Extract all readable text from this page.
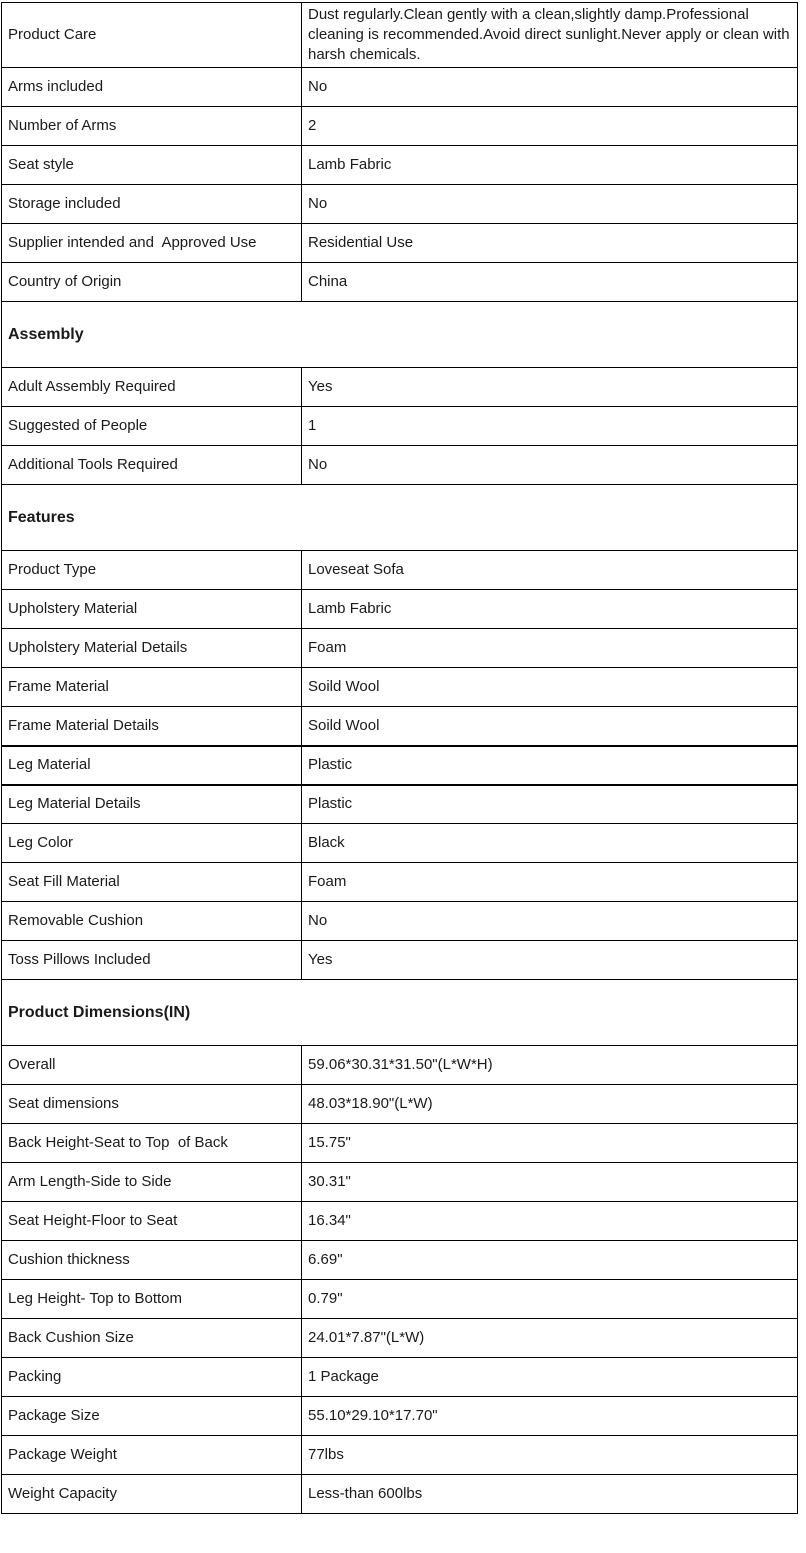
Product Care	Dust regularly.Clean gently with a clean,slightly damp.Professional cleaning is recommended.Avoid direct sunlight.Never apply or clean with harsh chemicals.
Arms included	No
Number of Arms	2
Seat style	Lamb Fabric
Storage included	No
Supplier intended and  Approved Use	Residential Use
Country of Origin	China
Assembly	
Adult Assembly Required	Yes
Suggested of People	1
Additional Tools Required	No
Features	
Product Type	Loveseat Sofa
Upholstery Material	Lamb Fabric
Upholstery Material Details	Foam
Frame Material	Soild Wool
Frame Material Details	Soild Wool
Leg Material	Plastic
Leg Material Details	Plastic
Leg Color	Black
Seat Fill Material	Foam
Removable Cushion	No
Toss Pillows Included	Yes
Product Dimensions(IN)	
Overall	59.06*30.31*31.50"(L*W*H)
Seat dimensions	48.03*18.90"(L*W)
Back Height-Seat to Top  of Back	15.75"
Arm Length-Side to Side	30.31"
Seat Height-Floor to Seat	16.34"
Cushion thickness	6.69"
Leg Height- Top to Bottom	0.79"
Back Cushion Size	24.01*7.87"(L*W)
Packing	1 Package
Package Size	55.10*29.10*17.70"
Package Weight	77lbs
Weight Capacity	Less-than 600lbs
